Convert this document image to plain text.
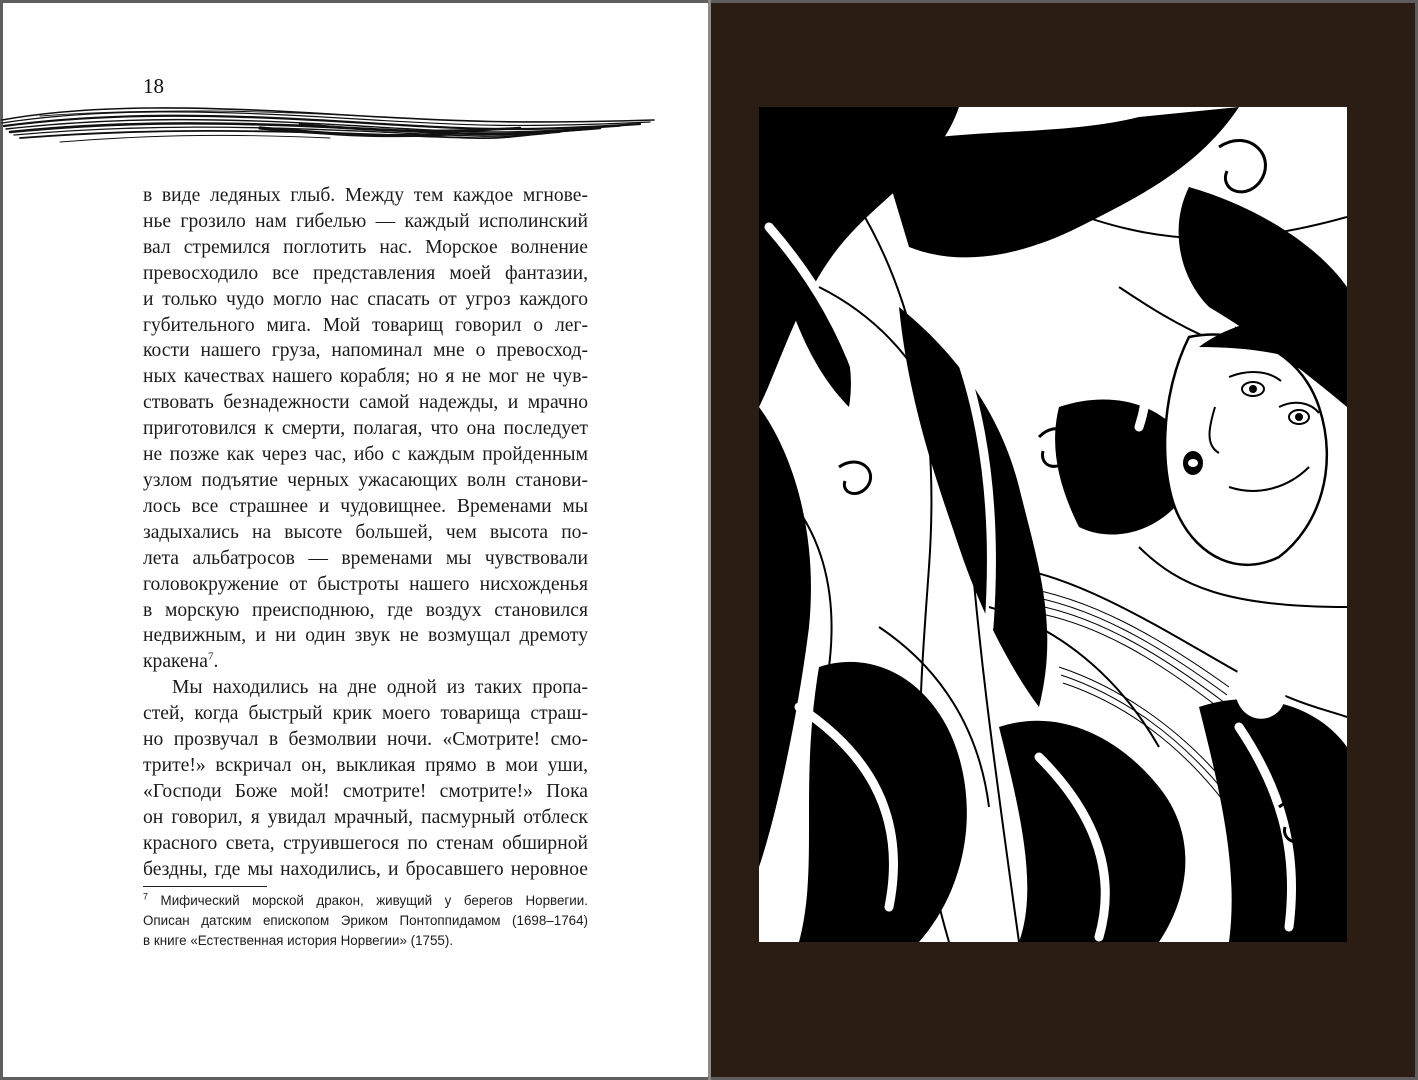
18

в виде ледяных глыб. Между тем каждое мгнове-
нье грозило нам гибелью — каждый исполинский
вал стремился поглотить нас. Морское волнение
превосходило все представления моей фантазии,
и только чудо могло нас спасать от угроз каждого
губительного мига. Мой товарищ говорил о лег-
кости нашего груза, напоминал мне о превосход-
ных качествах нашего корабля; но я не мог не чув-
ствовать безнадежности самой надежды, и мрачно
приготовился к смерти, полагая, что она последует
не позже как через час, ибо с каждым пройденным
узлом подъятие черных ужасающих волн станови-
лось все страшнее и чудовищнее. Временами мы
задыхались на высоте большей, чем высота по-
лета альбатросов — временами мы чувствовали
головокружение от быстроты нашего нисхожденья
в морскую преисподнюю, где воздух становился
недвижным, и ни один звук не возмущал дремоту
кракена$^7$.

Мы находились на дне одной из таких пропа-
стей, когда быстрый крик моего товарища страш-
но прозвучал в безмолвии ночи. «Смотрите! смо-
трите!» вскричал он, выкликая прямо в мои уши,
«Господи Боже мой! смотрите! смотрите!» Пока
он говорил, я увидал мрачный, пасмурный отблеск
красного света, струившегося по стенам обширной
бездны, где мы находились, и бросавшего неровное

$^7$ Мифический морской дракон, живущий у берегов Норвегии.
Описан датским епископом Эриком Понтоппидамом (1698–1764)
в книге «Естественная история Норвегии» (1755).
